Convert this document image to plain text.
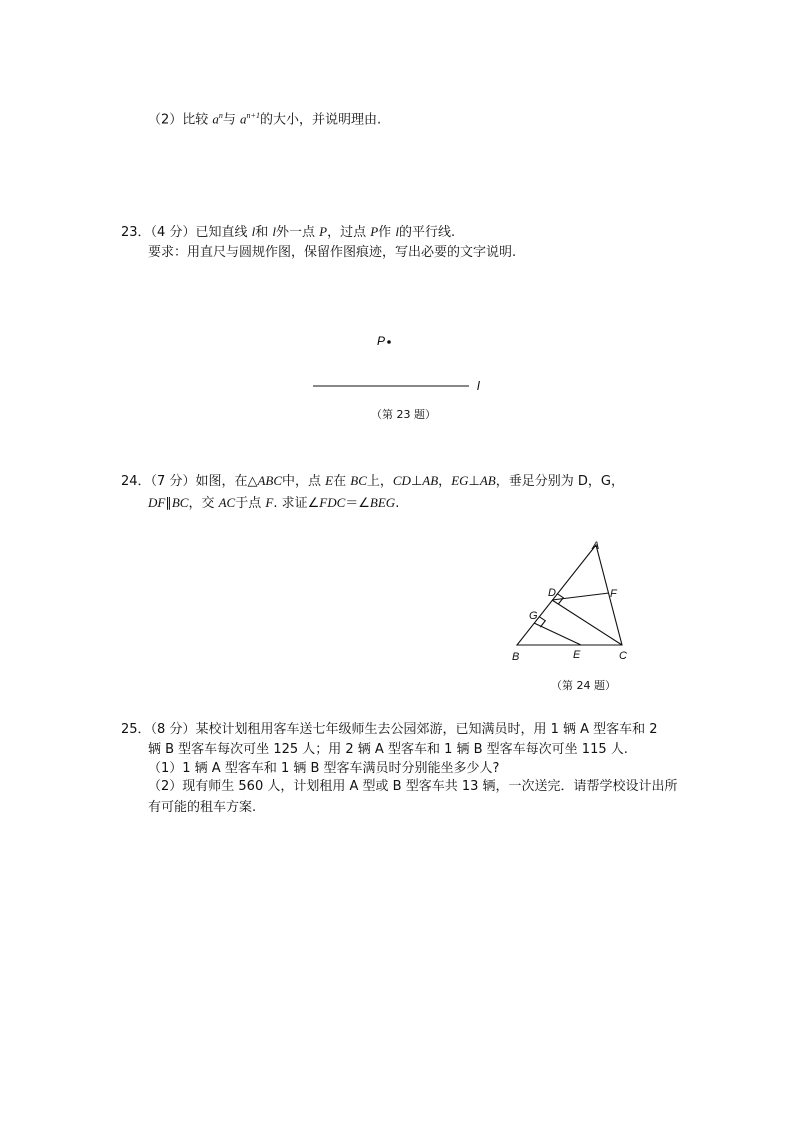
（2）比较 $a^n$与 $a^{n+1}$的大小，并说明理由.
23．（4 分）已知直线 l和 l外一点 P，过点 P作 l的平行线.
要求：用直尺与圆规作图，保留作图痕迹，写出必要的文字说明.
P
l
（第 23 题）
24．（7 分）如图，在△ABC中，点 E在 BC上，CD⊥AB，EG⊥AB，垂足分别为 D，G，
DF∥BC，交 AC于点 F. 求证∠FDC＝∠BEG.
A
D	F
G
B	E	C
（第 24 题）
25．（8 分）某校计划租用客车送七年级师生去公园郊游，已知满员时，用 1 辆 A 型客车和 2
辆 B 型客车每次可坐 125 人；用 2 辆 A 型客车和 1 辆 B 型客车每次可坐 115 人.
（1）1 辆 A 型客车和 1 辆 B 型客车满员时分别能坐多少人?
（2）现有师生 560 人，计划租用 A 型或 B 型客车共 13 辆，一次送完．请帮学校设计出所
有可能的租车方案.
